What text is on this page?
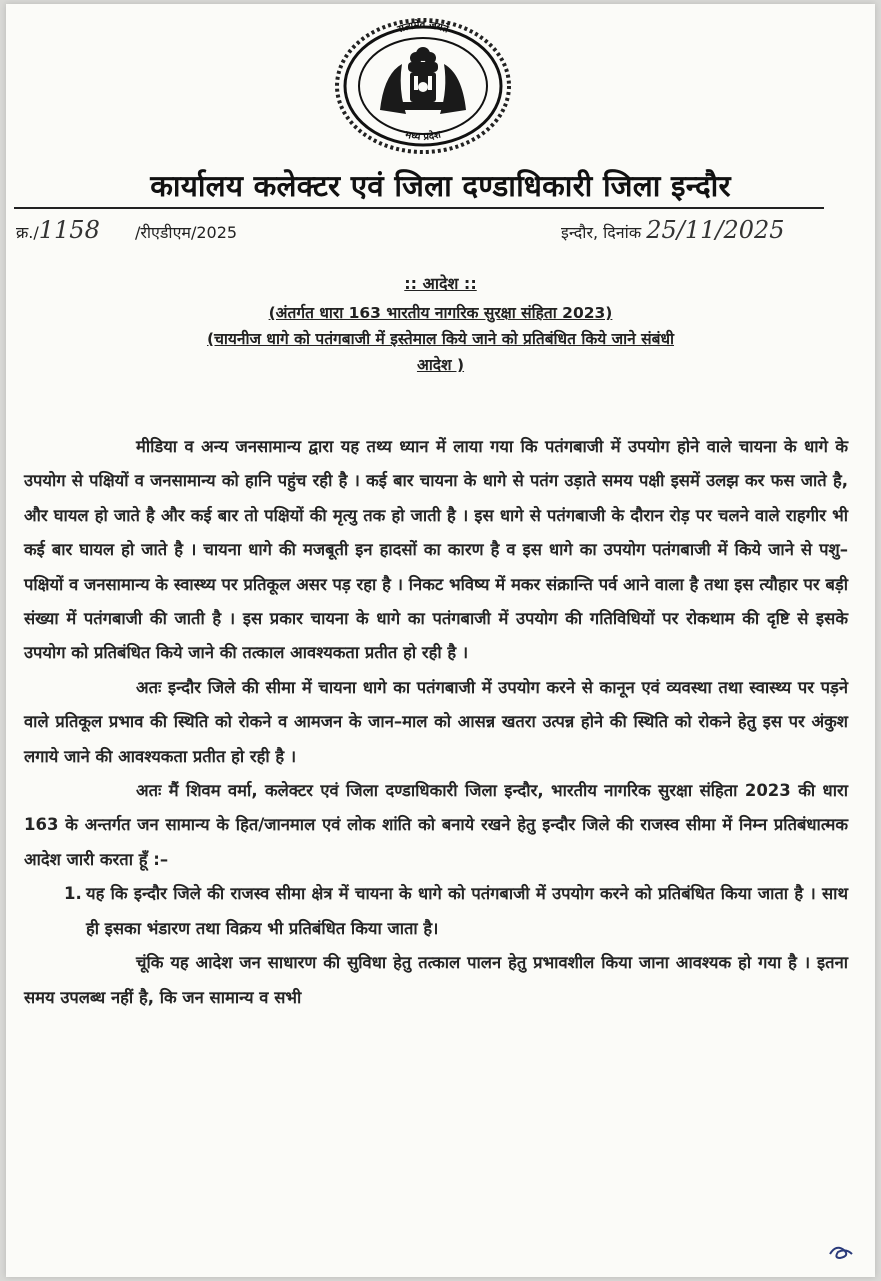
सत्यमेव जयते
मध्य प्रदेश
कार्यालय कलेक्टर एवं जिला दण्डाधिकारी जिला इन्दौर
क्र./1158 /रीएडीएम/2025	इन्दौर, दिनांक 25/11/2025
:: आदेश ::
(अंतर्गत धारा 163 भारतीय नागरिक सुरक्षा संहिता 2023)
(चायनीज धागे को पतंगबाजी में इस्तेमाल किये जाने को प्रतिबंधित किये जाने संबंधी
आदेश )

मीडिया व अन्य जनसामान्य द्वारा यह तथ्य ध्यान में लाया गया कि पतंगबाजी में उपयोग होने वाले चायना के धागे के उपयोग से पक्षियों व जनसामान्य को हानि पहुंच रही है । कई बार चायना के धागे से पतंग उड़ाते समय पक्षी इसमें उलझ कर फस जाते है, और घायल हो जाते है और कई बार तो पक्षियों की मृत्यु तक हो जाती है । इस धागे से पतंगबाजी के दौरान रोड़ पर चलने वाले राहगीर भी कई बार घायल हो जाते है । चायना धागे की मजबूती इन हादसों का कारण है व इस धागे का उपयोग पतंगबाजी में किये जाने से पशु–पक्षियों व जनसामान्य के स्वास्थ्य पर प्रतिकूल असर पड़ रहा है । निकट भविष्य में मकर संक्रान्ति पर्व आने वाला है तथा इस त्यौहार पर बड़ी संख्या में पतंगबाजी की जाती है । इस प्रकार चायना के धागे का पतंगबाजी में उपयोग की गतिविधियों पर रोकथाम की दृष्टि से इसके उपयोग को प्रतिबंधित किये जाने की तत्काल आवश्यकता प्रतीत हो रही है ।

अतः इन्दौर जिले की सीमा में चायना धागे का पतंगबाजी में उपयोग करने से कानून एवं व्यवस्था तथा स्वास्थ्य पर पड़ने वाले प्रतिकूल प्रभाव की स्थिति को रोकने व आमजन के जान–माल को आसन्न खतरा उत्पन्न होने की स्थिति को रोकने हेतु इस पर अंकुश लगाये जाने की आवश्यकता प्रतीत हो रही है ।

अतः मैं शिवम वर्मा, कलेक्टर एवं जिला दण्डाधिकारी जिला इन्दौर, भारतीय नागरिक सुरक्षा संहिता 2023 की धारा 163 के अन्तर्गत जन सामान्य के हित/जानमाल एवं लोक शांति को बनाये रखने हेतु इन्दौर जिले की राजस्व सीमा में निम्न प्रतिबंधात्मक आदेश जारी करता हूँ :–

1. यह कि इन्दौर जिले की राजस्व सीमा क्षेत्र में चायना के धागे को पतंगबाजी में उपयोग करने को प्रतिबंधित किया जाता है । साथ ही इसका भंडारण तथा विक्रय भी प्रतिबंधित किया जाता है।

चूंकि यह आदेश जन साधारण की सुविधा हेतु तत्काल पालन हेतु प्रभावशील किया जाना आवश्यक हो गया है । इतना समय उपलब्ध नहीं है, कि जन सामान्य व सभी
